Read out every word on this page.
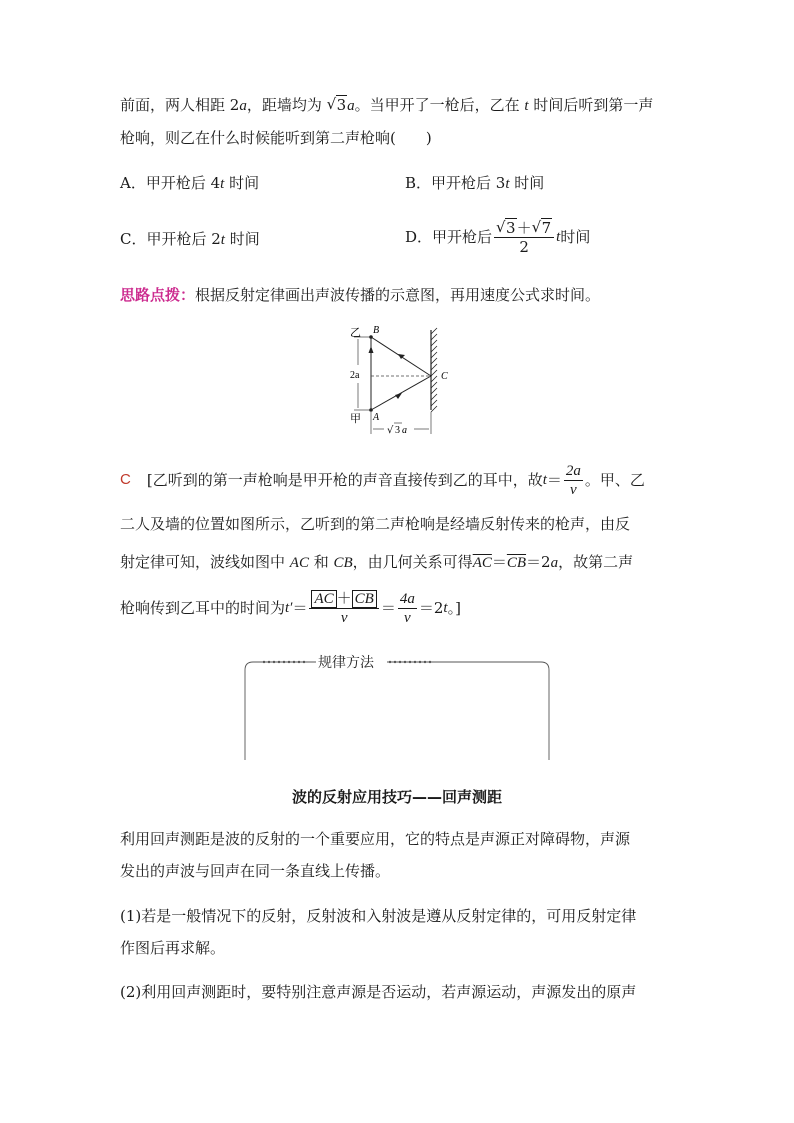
前面，两人相距 2a，距墙均为 √ 3a。当甲开了一枪后，乙在 t 时间后听到第一声
枪响，则乙在什么时候能听到第二声枪响(　　)
A．甲开枪后 4t 时间	B．甲开枪后 3t 时间
C．甲开枪后 2t 时间	D．甲开枪后 √ $\frac{3+ √ 7}{2}$ t 时间
思路点拨：根据反射定律画出声波传播的示意图，再用速度公式求时间。
乙 B
2a	C
甲 A
√ 3 a
C [乙听到的第一声枪响是甲开枪的声音直接传到乙的耳中，故 $t = \frac{2a}{v}$ 。甲、乙
二人及墙的位置如图所示，乙听到的第二声枪响是经墙反射传来的枪声，由反
射定律可知，波线如图中 AC 和 CB，由几何关系可得$\overline{AC}=\overline{CB}=2a$，故第二声
枪响传到乙耳中的时间为 $t' = \frac{AC + CB}{v} = \frac{4a}{v} =2$ t 。]
规律方法
波的反射应用技巧——回声测距
利用回声测距是波的反射的一个重要应用，它的特点是声源正对障碍物，声源
发出的声波与回声在同一条直线上传播。
(1)若是一般情况下的反射，反射波和入射波是遵从反射定律的，可用反射定律
作图后再求解。
(2)利用回声测距时，要特别注意声源是否运动，若声源运动，声源发出的原声
